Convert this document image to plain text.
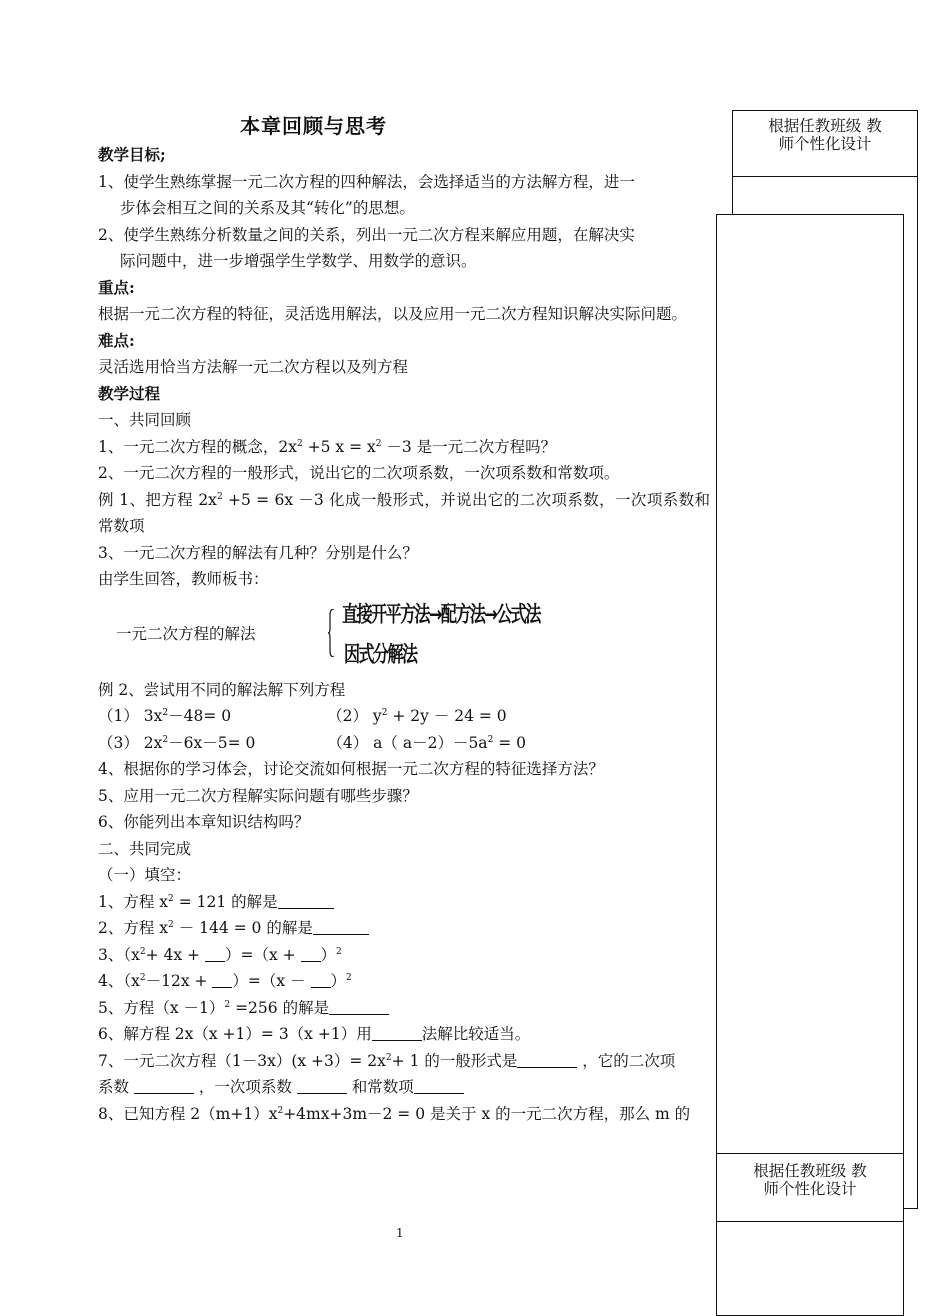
本章回顾与思考
教学目标;
1、使学生熟练掌握一元二次方程的四种解法，会选择适当的方法解方程，进一
步体会相互之间的关系及其“转化”的思想。
2、使学生熟练分析数量之间的关系，列出一元二次方程来解应用题，在解决实
际问题中，进一步增强学生学数学、用数学的意识。
重点:
根据一元二次方程的特征，灵活选用解法，以及应用一元二次方程知识解决实际问题。
难点:
灵活选用恰当方法解一元二次方程以及列方程
教学过程
一、共同回顾
1、一元二次方程的概念，$2x^2 +5$ $x = x^2 -3$ 是一元二次方程吗？
2、一元二次方程的一般形式，说出它的二次项系数，一次项系数和常数项。
例 1、把方程 $2x^2 +5 = 6x -3$ 化成一般形式，并说出它的二次项系数，一次项系数和常数项
3、一元二次方程的解法有几种？分别是什么？
由学生回答，教师板书：
一元二次方程的解法
直接开平方法→配方法→公式法
因式分解法
例 2、尝试用不同的解法解下列方程
（1） $3x^2-48= 0$	（2） $y^2 + 2y - 24 = 0$
（3） $2x^2-6x-5= 0$	（4） a（ $a-2)-5a^2 = 0$
4、根据你的学习体会，讨论交流如何根据一元二次方程的特征选择方法？
5、应用一元二次方程解实际问题有哪些步骤？
6、你能列出本章知识结构吗？
二、共同完成
（一）填空：
1、方程 $x^2 = 121$ 的解是
2、方程 $x^2 - 144 = 0$ 的解是
3、$(x^2+ 4x + )=(x + )^2$
4、$(x^2-12x + )=(x - )^2$
5、方程$(x -1)^2 =256$ 的解是
6、解方程 2x（x +1）= 3（x +1）用	法解比较适当。
7、一元二次方程$(1-3x)(x +3)= 2x^2+ 1$ 的一般形式是	，它的二次项
系数	，一次项系数	和常数项
8、已知方程 $2(m+1)x^2+4mx+3m-2 = 0$ 是关于 x 的一元二次方程，那么 m 的
根据任教班级 教
师个性化设计
根据任教班级 教
师个性化设计
1
